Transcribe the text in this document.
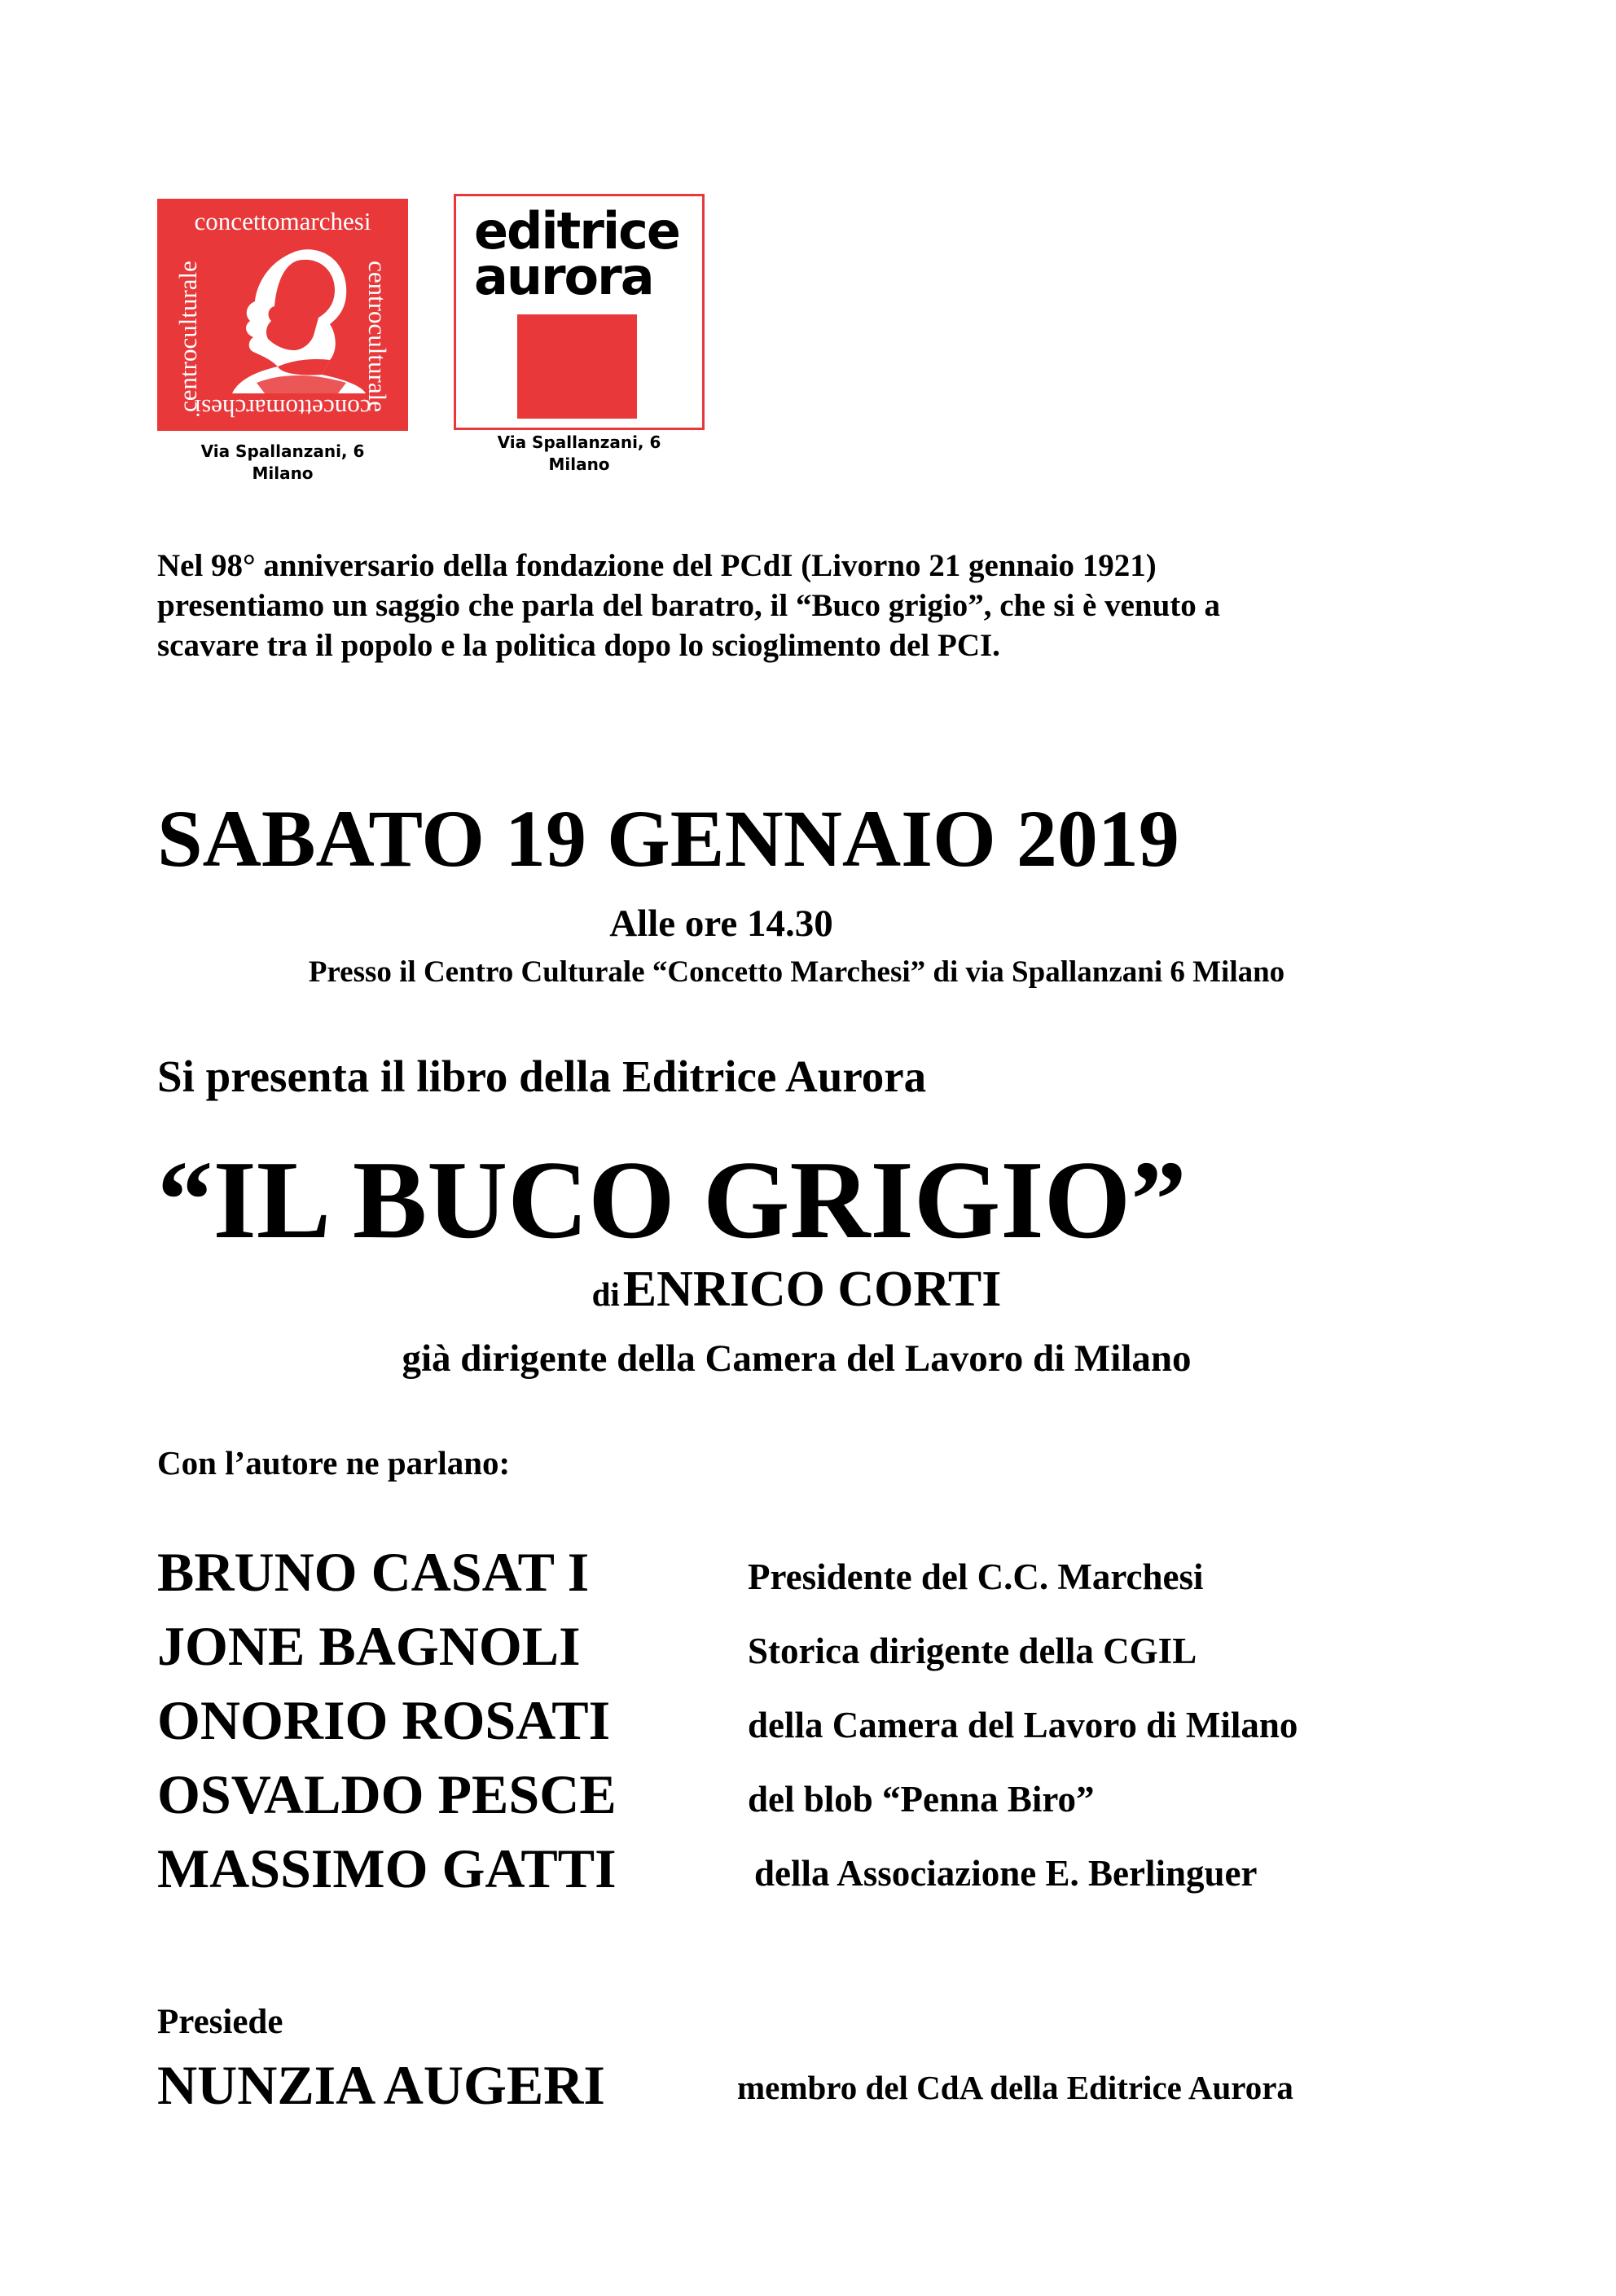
concettomarchesi
concettomarchesi
centroculturale	centroculturale
Via Spallanzani, 6
Milano
editrice
aurora
Via Spallanzani, 6
Milano
Nel 98° anniversario della fondazione del PCdI (Livorno 21 gennaio 1921)
presentiamo un saggio che parla del baratro, il “Buco grigio”, che si è venuto a
scavare tra il popolo e la politica dopo lo scioglimento del PCI.
SABATO 19 GENNAIO 2019
Alle ore 14.30
Presso il Centro Culturale “Concetto Marchesi” di via Spallanzani 6 Milano
Si presenta il libro della Editrice Aurora
“IL BUCO GRIGIO”
di ENRICO CORTI
già dirigente della Camera del Lavoro di Milano
Con l’autore ne parlano:
BRUNO CASAT I	Presidente del C.C. Marchesi
JONE BAGNOLI	Storica dirigente della CGIL
ONORIO ROSATI	della Camera del Lavoro di Milano
OSVALDO PESCE	del blob “Penna Biro”
MASSIMO GATTI	della Associazione E. Berlinguer
Presiede
NUNZIA AUGERI	membro del CdA della Editrice Aurora
